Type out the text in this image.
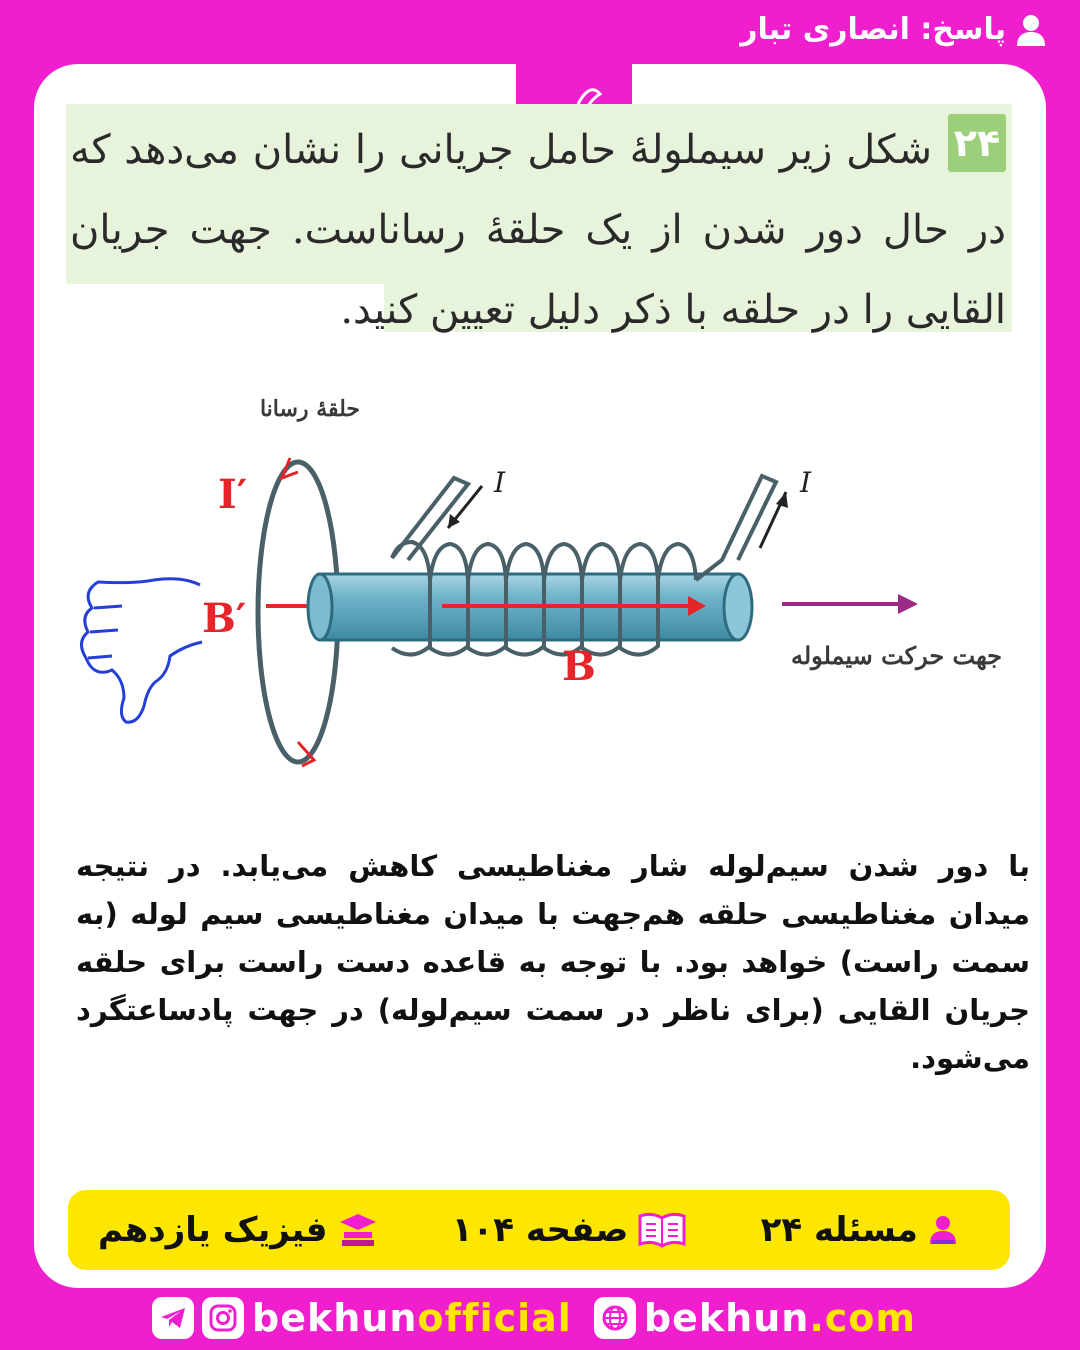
پاسخ: انصاری تبار
شکل زیر سیملولهٔ حامل جریانی را نشان می‌دهد که در حال دور شدن از یک حلقهٔ رساناست. جهت جریان القایی را در حلقه با ذکر دلیل تعیین کنید.
۲۴
حلقهٔ رسانا
I′
B′
I	I
B	جهت حرکت سیملوله
با دور شدن سیم‌لوله شار مغناطیسی کاهش می‌یابد. در نتیجه میدان مغناطیسی حلقه هم‌جهت با میدان مغناطیسی سیم لوله (به سمت راست) خواهد بود. با توجه به قاعده دست راست برای حلقه جریان القایی (برای ناظر در سمت سیم‌لوله) در جهت پادساعتگرد می‌شود.
مسئله ۲۴
صفحه ۱۰۴
فیزیک یازدهم
bekhunofficial bekhun.com
